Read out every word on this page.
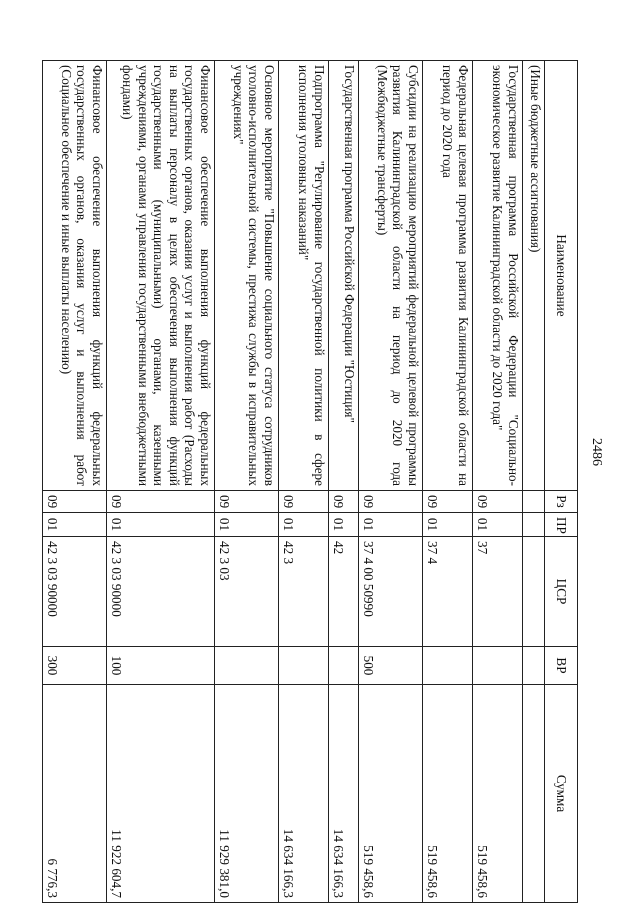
2486
Наименование	Рз	ПР	ЦСР	ВР	Сумма
(Иные бюджетные ассигнования)					
Государственная программа Российской Федерации "Социально-экономическое развитие Калининградской области до 2020 года"	09	01	37		519 458,6
Федеральная целевая программа развития Калининградской области на период до 2020 года	09	01	37 4		519 458,6
Субсидии на реализацию мероприятий федеральной целевой программы развития Калининградской области на период до 2020 года (Межбюджетные трансферты)	09	01	37 4 00 50990	500	519 458,6
Государственная программа Российской Федерации "Юстиция"	09	01	42		14 634 166,3
Подпрограмма "Регулирование государственной политики в сфере исполнения уголовных наказаний"	09	01	42 3		14 634 166,3
Основное мероприятие "Повышение социального статуса сотрудников уголовно-исполнительной системы, престижа службы в исправительных учреждениях"	09	01	42 3 03		11 929 381,0
Финансовое обеспечение выполнения функций федеральных государственных органов, оказания услуг и выполнения работ (Расходы на выплаты персоналу в целях обеспечения выполнения функций государственными (муниципальными) органами, казенными учреждениями, органами управления государственными внебюджетными фондами)	09	01	42 3 03 90000	100	11 922 604,7
Финансовое обеспечение выполнения функций федеральных государственных органов, оказания услуг и выполнения работ (Социальное обеспечение и иные выплаты населению)	09	01	42 3 03 90000	300	6 776,3
